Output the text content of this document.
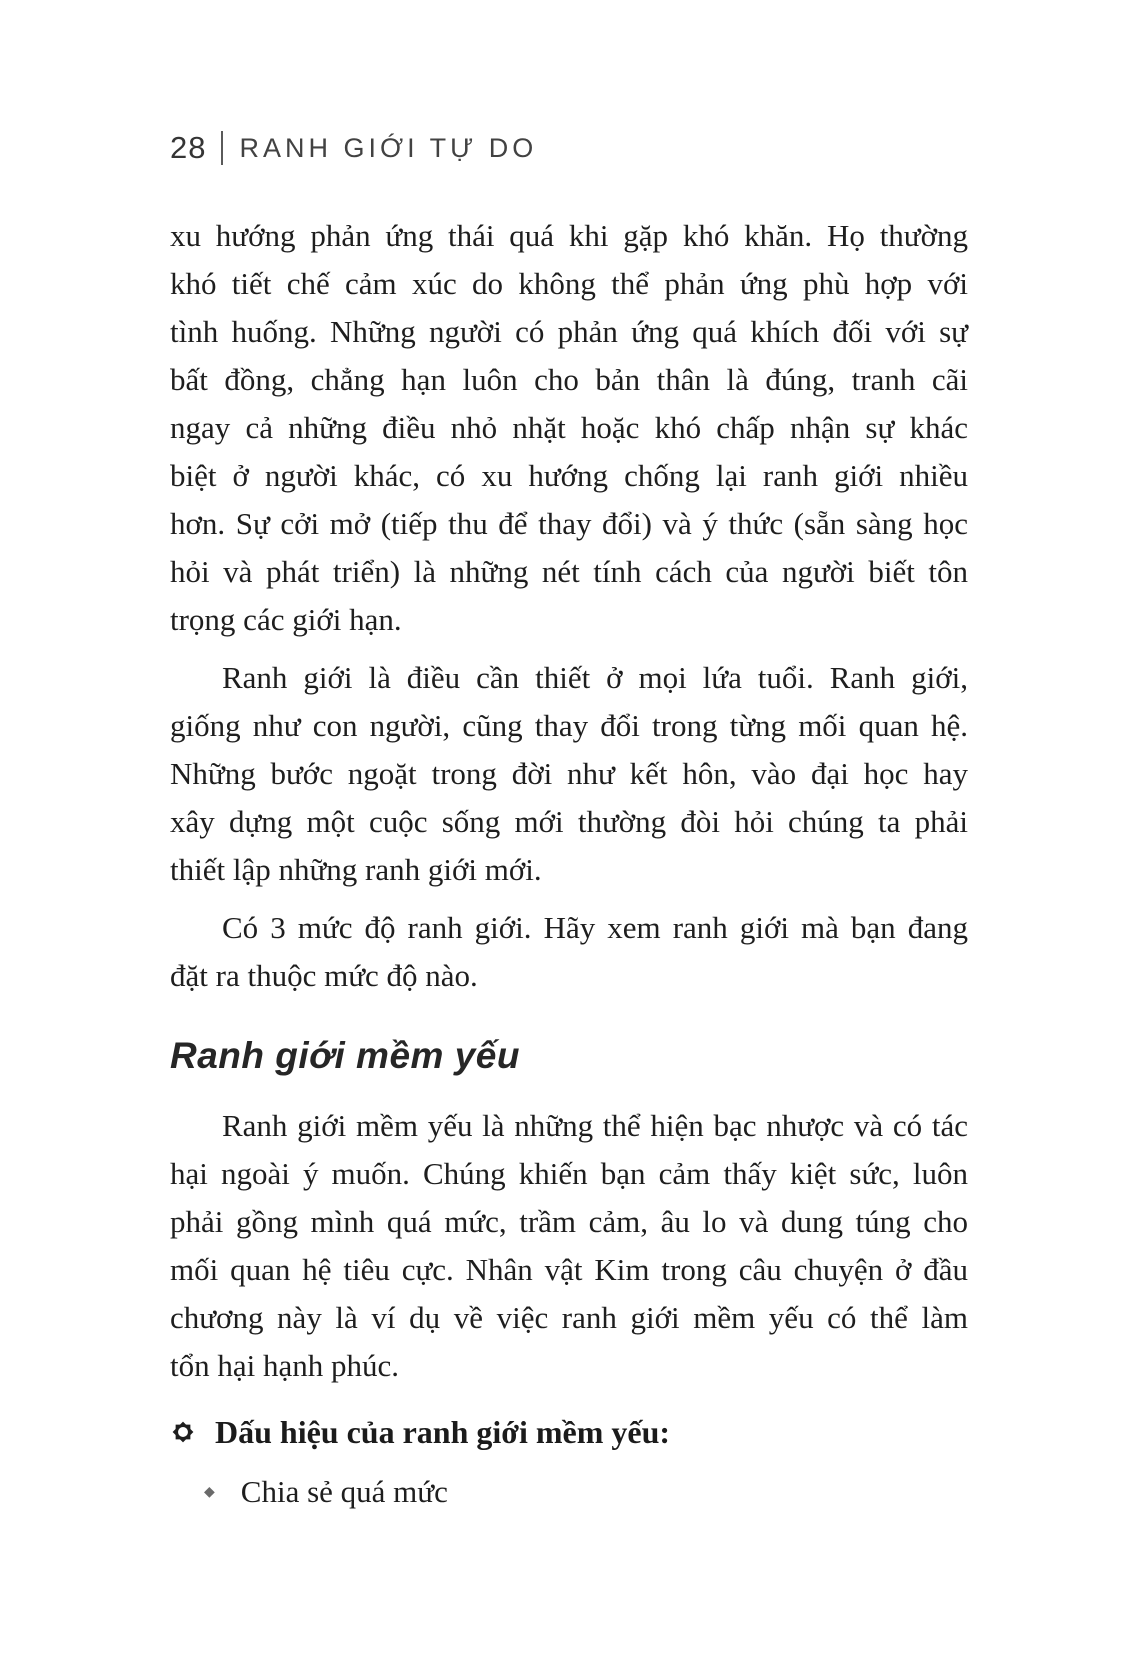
28 RANH GIỚI TỰ DO
xu hướng phản ứng thái quá khi gặp khó khăn. Họ thường
khó tiết chế cảm xúc do không thể phản ứng phù hợp với
tình huống. Những người có phản ứng quá khích đối với sự
bất đồng, chẳng hạn luôn cho bản thân là đúng, tranh cãi
ngay cả những điều nhỏ nhặt hoặc khó chấp nhận sự khác
biệt ở người khác, có xu hướng chống lại ranh giới nhiều
hơn. Sự cởi mở (tiếp thu để thay đổi) và ý thức (sẵn sàng học
hỏi và phát triển) là những nét tính cách của người biết tôn
trọng các giới hạn.
Ranh giới là điều cần thiết ở mọi lứa tuổi. Ranh giới,
giống như con người, cũng thay đổi trong từng mối quan hệ.
Những bước ngoặt trong đời như kết hôn, vào đại học hay
xây dựng một cuộc sống mới thường đòi hỏi chúng ta phải
thiết lập những ranh giới mới.
Có 3 mức độ ranh giới. Hãy xem ranh giới mà bạn đang
đặt ra thuộc mức độ nào.
Ranh giới mềm yếu
Ranh giới mềm yếu là những thể hiện bạc nhược và có tác
hại ngoài ý muốn. Chúng khiến bạn cảm thấy kiệt sức, luôn
phải gồng mình quá mức, trầm cảm, âu lo và dung túng cho
mối quan hệ tiêu cực. Nhân vật Kim trong câu chuyện ở đầu
chương này là ví dụ về việc ranh giới mềm yếu có thể làm
tổn hại hạnh phúc.
Dấu hiệu của ranh giới mềm yếu:
◆ Chia sẻ quá mức
